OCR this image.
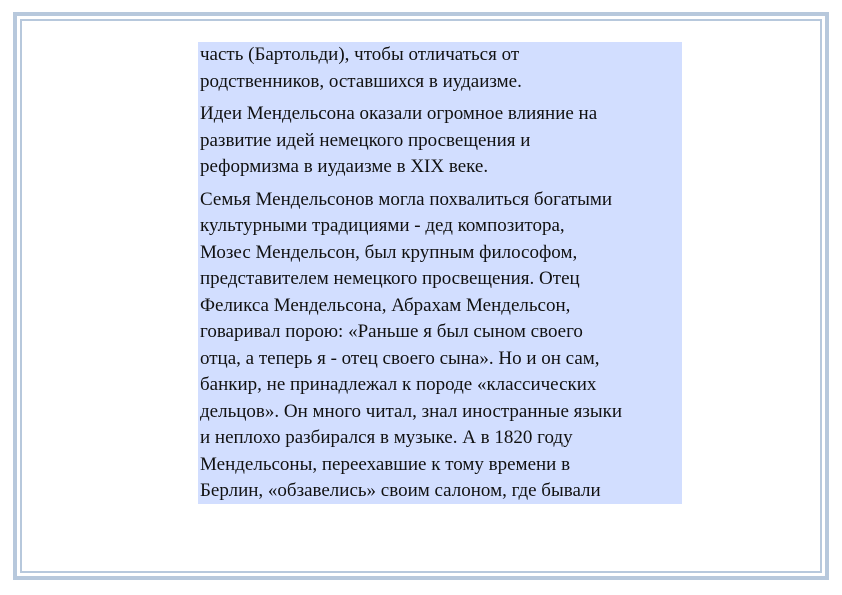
часть (Бартольди), чтобы отличаться от
родственников, оставшихся в иудаизме.

Идеи Мендельсона оказали огромное влияние на
развитие идей немецкого просвещения и
реформизма в иудаизме в XIX веке.

Семья Мендельсонов могла похвалиться богатыми
культурными традициями - дед композитора,
Мозес Мендельсон, был крупным философом,
представителем немецкого просвещения. Отец
Феликса Мендельсона, Абрахам Мендельсон,
говаривал порою: «Раньше я был сыном своего
отца, а теперь я - отец своего сына». Но и он сам,
банкир, не принадлежал к породе «классических
дельцов». Он много читал, знал иностранные языки
и неплохо разбирался в музыке. А в 1820 году
Мендельсоны, переехавшие к тому времени в
Берлин, «обзавелись» своим салоном, где бывали
